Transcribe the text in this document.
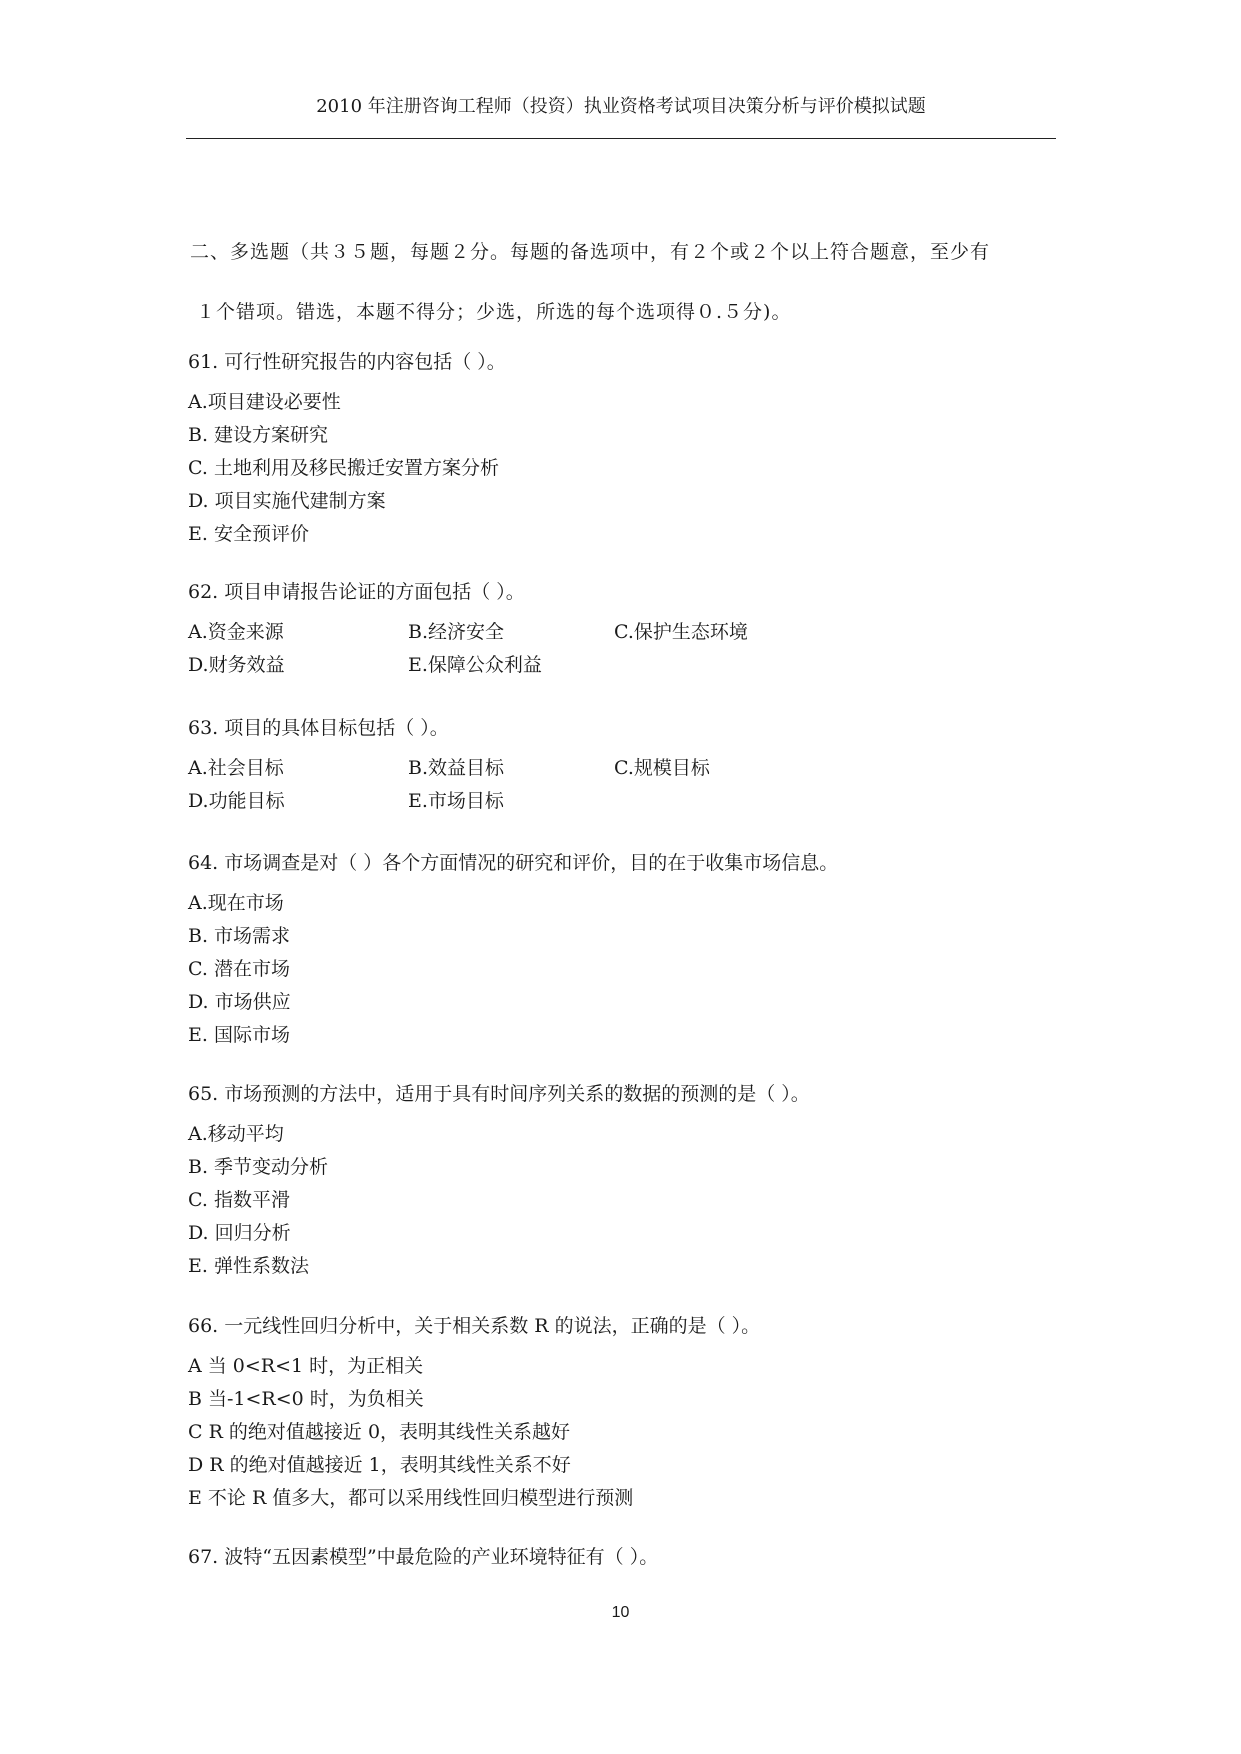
2010 年注册咨询工程师（投资）执业资格考试项目决策分析与评价模拟试题
二、多选题（共３５题，每题２分。每题的备选项中，有２个或２个以上符合题意，至少有
１个错项。错选，本题不得分；少选，所选的每个选项得０.５分)。
61. 可行性研究报告的内容包括（ ）。
A.项目建设必要性
B. 建设方案研究
C. 土地利用及移民搬迁安置方案分析
D. 项目实施代建制方案
E. 安全预评价
62. 项目申请报告论证的方面包括（ ）。
A.资金来源	B.经济安全	C.保护生态环境
D.财务效益	E.保障公众利益
63. 项目的具体目标包括（ ）。
A.社会目标	B.效益目标	C.规模目标
D.功能目标	E.市场目标
64. 市场调查是对（ ）各个方面情况的研究和评价，目的在于收集市场信息。
A.现在市场
B. 市场需求
C. 潜在市场
D. 市场供应
E. 国际市场
65. 市场预测的方法中，适用于具有时间序列关系的数据的预测的是（ ）。
A.移动平均
B. 季节变动分析
C. 指数平滑
D. 回归分析
E. 弹性系数法
66. 一元线性回归分析中，关于相关系数 R 的说法，正确的是（ ）。
A 当 0<R<1 时，为正相关
B 当-1<R<0 时，为负相关
C R 的绝对值越接近 0，表明其线性关系越好
D R 的绝对值越接近 1，表明其线性关系不好
E 不论 R 值多大，都可以采用线性回归模型进行预测
67. 波特“五因素模型”中最危险的产业环境特征有（ ）。
10
